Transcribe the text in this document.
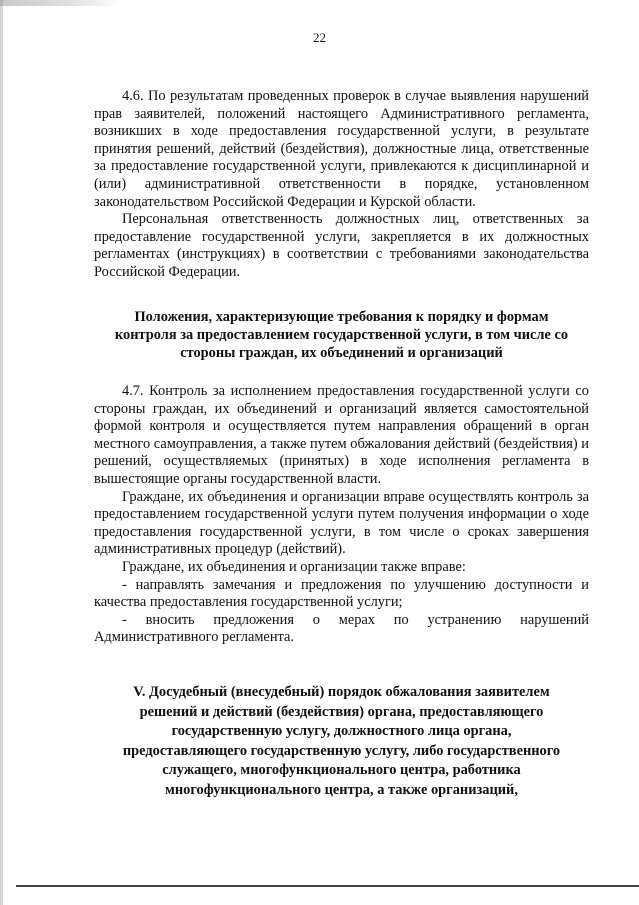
22

4.6. По результатам проведенных проверок в случае выявления нарушений прав заявителей, положений настоящего Административного регламента, возникших в ходе предоставления государственной услуги, в результате принятия решений, действий (бездействия), должностные лица, ответственные за предоставление государственной услуги, привлекаются к дисциплинарной и (или) административной ответственности в порядке, установленном законодательством Российской Федерации и Курской области.

Персональная ответственность должностных лиц, ответственных за предоставление государственной услуги, закрепляется в их должностных регламентах (инструкциях) в соответствии с требованиями законодательства Российской Федерации.

Положения, характеризующие требования к порядку и формам
контроля за предоставлением государственной услуги, в том числе со
стороны граждан, их объединений и организаций

4.7. Контроль за исполнением предоставления государственной услуги со стороны граждан, их объединений и организаций является самостоятельной формой контроля и осуществляется путем направления обращений в орган местного самоуправления, а также путем обжалования действий (бездействия) и решений, осуществляемых (принятых) в ходе исполнения регламента в вышестоящие органы государственной власти.

Граждане, их объединения и организации вправе осуществлять контроль за предоставлением государственной услуги путем получения информации о ходе предоставления государственной услуги, в том числе о сроках завершения административных процедур (действий).

Граждане, их объединения и организации также вправе:

- направлять замечания и предложения по улучшению доступности и качества предоставления государственной услуги;

- вносить предложения о мерах по устранению нарушений Административного регламента.

V. Досудебный (внесудебный) порядок обжалования заявителем
решений и действий (бездействия) органа, предоставляющего
государственную услугу, должностного лица органа,
предоставляющего государственную услугу, либо государственного
служащего, многофункционального центра, работника
многофункционального центра, а также организаций,
